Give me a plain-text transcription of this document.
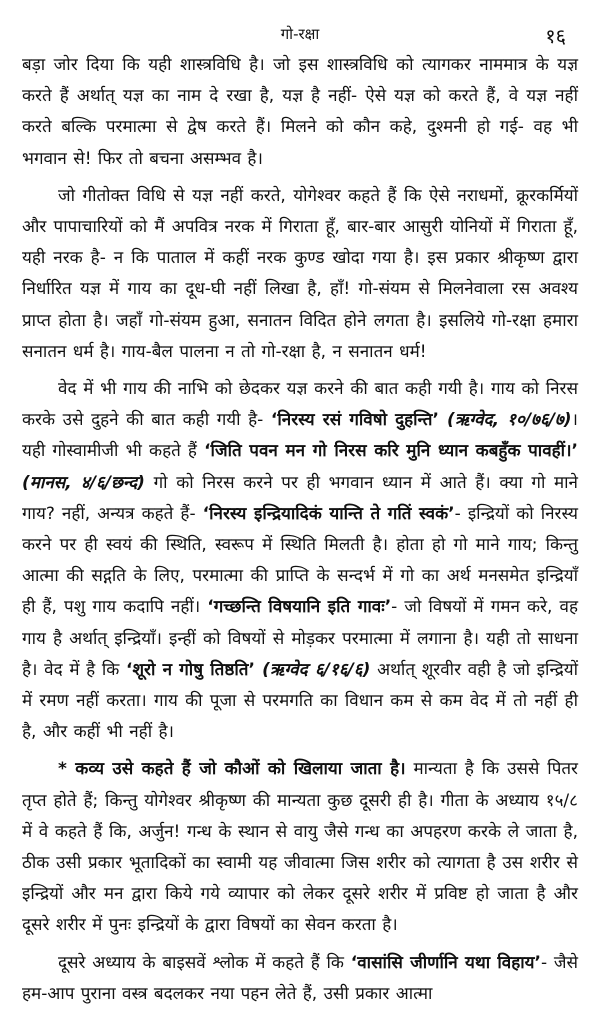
गो-रक्षा	१६

बड़ा जोर दिया कि यही शास्त्रविधि है। जो इस शास्त्रविधि को त्यागकर नाममात्र के यज्ञ करते हैं अर्थात् यज्ञ का नाम दे रखा है, यज्ञ है नहीं- ऐसे यज्ञ को करते हैं, वे यज्ञ नहीं करते बल्कि परमात्मा से द्वेष करते हैं। मिलने को कौन कहे, दुश्मनी हो गई- वह भी भगवान से! फिर तो बचना असम्भव है।

जो गीतोक्त विधि से यज्ञ नहीं करते, योगेश्वर कहते हैं कि ऐसे नराधमों, क्रूरकर्मियों और पापाचारियों को मैं अपवित्र नरक में गिराता हूँ, बार-बार आसुरी योनियों में गिराता हूँ, यही नरक है- न कि पाताल में कहीं नरक कुण्ड खोदा गया है। इस प्रकार श्रीकृष्ण द्वारा निर्धारित यज्ञ में गाय का दूध-घी नहीं लिखा है, हाँ! गो-संयम से मिलनेवाला रस अवश्य प्राप्त होता है। जहाँ गो-संयम हुआ, सनातन विदित होने लगता है। इसलिये गो-रक्षा हमारा सनातन धर्म है। गाय-बैल पालना न तो गो-रक्षा है, न सनातन धर्म!

वेद में भी गाय की नाभि को छेदकर यज्ञ करने की बात कही गयी है। गाय को निरस करके उसे दुहने की बात कही गयी है- ‘निरस्य रसं गविषो दुहन्ति’ (ऋग्वेद, १०/७६/७)। यही गोस्वामीजी भी कहते हैं ‘जिति पवन मन गो निरस करि मुनि ध्यान कबहुँक पावहीं।’ (मानस, ४/६/छन्द) गो को निरस करने पर ही भगवान ध्यान में आते हैं। क्या गो माने गाय? नहीं, अन्यत्र कहते हैं- ‘निरस्य इन्द्रियादिकं यान्ति ते गतिं स्वकं’- इन्द्रियों को निरस्य करने पर ही स्वयं की स्थिति, स्वरूप में स्थिति मिलती है। होता हो गो माने गाय; किन्तु आत्मा की सद्गति के लिए, परमात्मा की प्राप्ति के सन्दर्भ में गो का अर्थ मनसमेत इन्द्रियाँ ही हैं, पशु गाय कदापि नहीं। ‘गच्छन्ति विषयानि इति गावः’- जो विषयों में गमन करे, वह गाय है अर्थात् इन्द्रियाँ। इन्हीं को विषयों से मोड़कर परमात्मा में लगाना है। यही तो साधना है। वेद में है कि ‘शूरो न गोषु तिष्ठति’ (ऋग्वेद ६/१६/६) अर्थात् शूरवीर वही है जो इन्द्रियों में रमण नहीं करता। गाय की पूजा से परमगति का विधान कम से कम वेद में तो नहीं ही है, और कहीं भी नहीं है।

* कव्य उसे कहते हैं जो कौओं को खिलाया जाता है। मान्यता है कि उससे पितर तृप्त होते हैं; किन्तु योगेश्वर श्रीकृष्ण की मान्यता कुछ दूसरी ही है। गीता के अध्याय १५/८ में वे कहते हैं कि, अर्जुन! गन्ध के स्थान से वायु जैसे गन्ध का अपहरण करके ले जाता है, ठीक उसी प्रकार भूतादिकों का स्वामी यह जीवात्मा जिस शरीर को त्यागता है उस शरीर से इन्द्रियों और मन द्वारा किये गये व्यापार को लेकर दूसरे शरीर में प्रविष्ट हो जाता है और दूसरे शरीर में पुनः इन्द्रियों के द्वारा विषयों का सेवन करता है।

दूसरे अध्याय के बाइसवें श्लोक में कहते हैं कि ‘वासांसि जीर्णानि यथा विहाय’- जैसे हम-आप पुराना वस्त्र बदलकर नया पहन लेते हैं, उसी प्रकार आत्मा
